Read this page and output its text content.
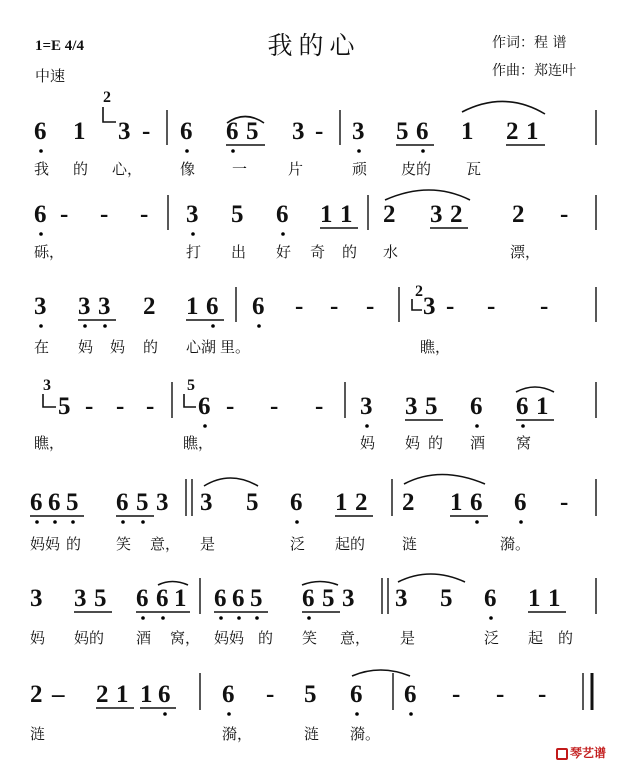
我的心
1=E 4/4
中速
作词：程 谱
作曲：郑连叶
6 1
2
3 - 6 6 5 3 - 3 5 6 1 2 1
我 的 心，	像 一	片	顽 皮的 瓦
6 - - - 3 5 6 1 1 2 3 2 2 -
砾，	打 出 好 奇 的 水	漂，
3 3 3 2 1 6 6 - - -
2
3 - - -
在 妈 妈 的 心湖 里。	瞧，
3
5 - - -
5
6 - - - 3 3 5 6 6 1
瞧，	瞧，	妈 妈 的 酒 窝
6 6 5 6 5 3 3 5 6 1 2 2 1 6 6 -
妈妈 的 笑 意， 是	泛 起的 涟	漪。
3 3 5 6 6 1 6 6 5 6 5 3 3 5 6 1 1
妈 妈的 酒 窝， 妈妈 的 笑 意， 是	泛 起 的
2 – 2 1 1 6 6 - 5 6 6 - - -
涟	漪，	涟 漪。
琴艺谱
